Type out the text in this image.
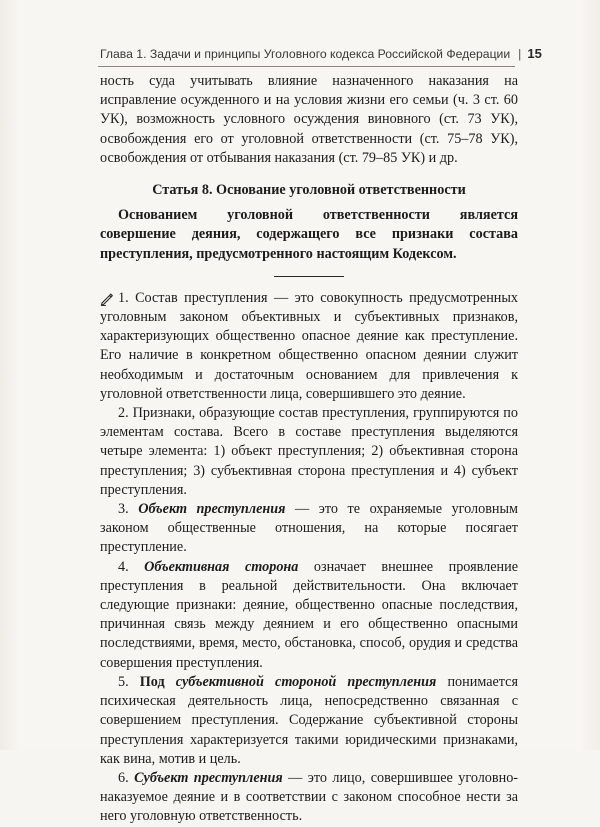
Глава 1. Задачи и принципы Уголовного кодекса Российской Федерации | 15

ность суда учитывать влияние назначенного наказания на исправление осужденного и на условия жизни его семьи (ч. 3 ст. 60 УК), возможность условного осуждения виновного (ст. 73 УК), освобождения его от уголовной ответственности (ст. 75–78 УК), освобождения от отбывания наказания (ст. 79–85 УК) и др.

Статья 8. Основание уголовной ответственности

Основанием уголовной ответственности является совершение деяния, содержащего все признаки состава преступления, предусмотренного настоящим Кодексом.

1. Состав преступления — это совокупность предусмотренных уголовным законом объективных и субъективных признаков, характеризующих общественно опасное деяние как преступление. Его наличие в конкретном общественно опасном деянии служит необходимым и достаточным основанием для привлечения к уголовной ответственности лица, совершившего это деяние.

2. Признаки, образующие состав преступления, группируются по элементам состава. Всего в составе преступления выделяются четыре элемента: 1) объект преступления; 2) объективная сторона преступления; 3) субъективная сторона преступления и 4) субъект преступления.

3. Объект преступления — это те охраняемые уголовным законом общественные отношения, на которые посягает преступление.

4. Объективная сторона означает внешнее проявление преступления в реальной действительности. Она включает следующие признаки: деяние, общественно опасные последствия, причинная связь между деянием и его общественно опасными последствиями, время, место, обстановка, способ, орудия и средства совершения преступления.

5. Под субъективной стороной преступления понимается психическая деятельность лица, непосредственно связанная с совершением преступления. Содержание субъективной стороны преступления характеризуется такими юридическими признаками, как вина, мотив и цель.

6. Субъект преступления — это лицо, совершившее уголовно-наказуемое деяние и в соответствии с законом способное нести за него уголовную ответственность.
